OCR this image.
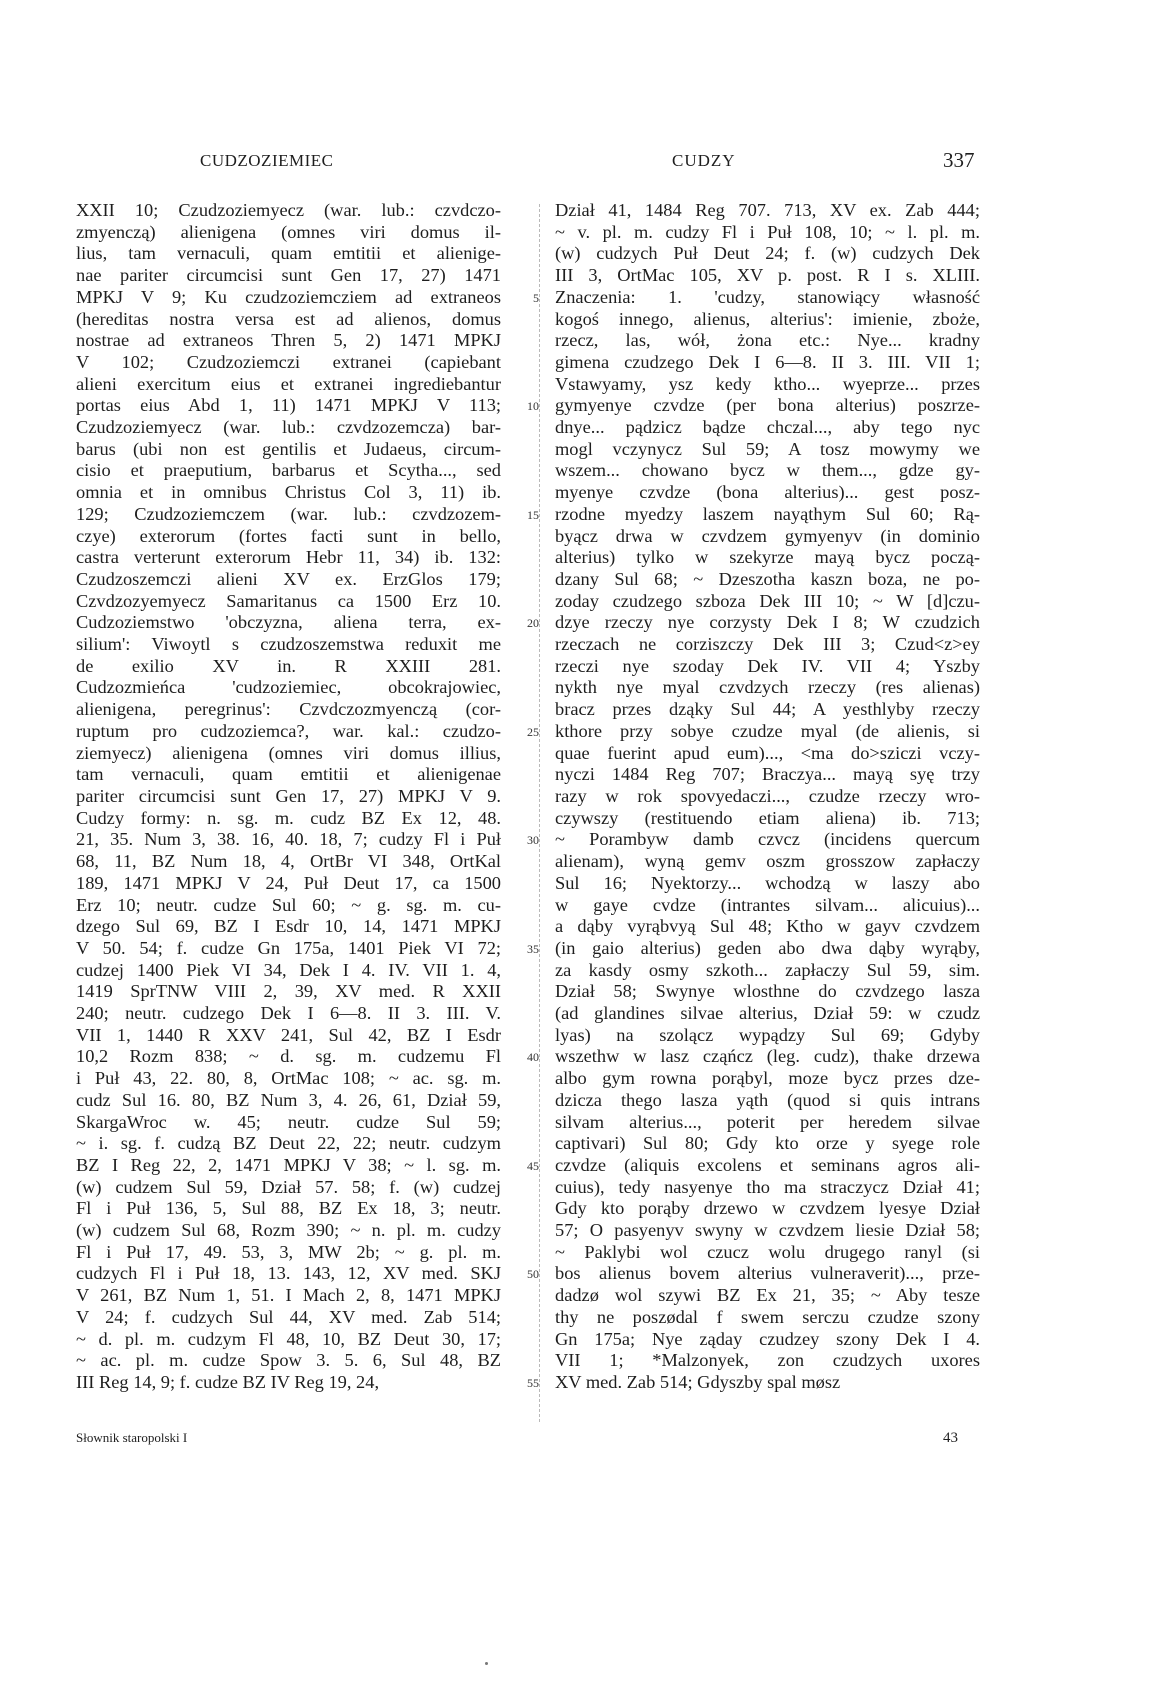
CUDZOZIEMIEC	CUDZY	337
XXII 10; Czudzoziemyecz (war. lub.: czvdczo-
zmyenczą) alienigena (omnes viri domus il-
lius, tam vernaculi, quam emtitii et alienige-
nae pariter circumcisi sunt Gen 17, 27) 1471
MPKJ V 9; Ku czudzoziemcziem ad extraneos
(hereditas nostra versa est ad alienos, domus
nostrae ad extraneos Thren 5, 2) 1471 MPKJ
V 102; Czudzoziemczi extranei (capiebant
alieni exercitum eius et extranei ingrediebantur
portas eius Abd 1, 11) 1471 MPKJ V 113;
Czudzoziemyecz (war. lub.: czvdzozemcza) bar-
barus (ubi non est gentilis et Judaeus, circum-
cisio et praeputium, barbarus et Scytha..., sed
omnia et in omnibus Christus Col 3, 11) ib.
129; Czudzoziemczem (war. lub.: czvdzozem-
czye) exterorum (fortes facti sunt in bello,
castra verterunt exterorum Hebr 11, 34) ib. 132:
Czudzoszemczi alieni XV ex. ErzGlos 179;
Czvdzozyemyecz Samaritanus ca 1500 Erz 10.
Cudzoziemstwo 'obczyzna, aliena terra, ex-
silium': Viwoytl s czudzoszemstwa reduxit me
de exilio XV in. R XXIII 281.
Cudzozmieńca 'cudzoziemiec, obcokrajowiec,
alienigena, peregrinus': Czvdczozmyenczą (cor-
ruptum pro cudzoziemca?, war. kal.: czudzo-
ziemyecz) alienigena (omnes viri domus illius,
tam vernaculi, quam emtitii et alienigenae
pariter circumcisi sunt Gen 17, 27) MPKJ V 9.
Cudzy formy: n. sg. m. cudz BZ Ex 12, 48.
21, 35. Num 3, 38. 16, 40. 18, 7; cudzy Fl i Puł
68, 11, BZ Num 18, 4, OrtBr VI 348, OrtKal
189, 1471 MPKJ V 24, Puł Deut 17, ca 1500
Erz 10; neutr. cudze Sul 60; ~ g. sg. m. cu-
dzego Sul 69, BZ I Esdr 10, 14, 1471 MPKJ
V 50. 54; f. cudze Gn 175a, 1401 Piek VI 72;
cudzej 1400 Piek VI 34, Dek I 4. IV. VII 1. 4,
1419 SprTNW VIII 2, 39, XV med. R XXII
240; neutr. cudzego Dek I 6—8. II 3. III. V.
VII 1, 1440 R XXV 241, Sul 42, BZ I Esdr
10,2 Rozm 838; ~ d. sg. m. cudzemu Fl
i Puł 43, 22. 80, 8, OrtMac 108; ~ ac. sg. m.
cudz Sul 16. 80, BZ Num 3, 4. 26, 61, Dział 59,
SkargaWroc w. 45; neutr. cudze Sul 59;
~ i. sg. f. cudzą BZ Deut 22, 22; neutr. cudzym
BZ I Reg 22, 2, 1471 MPKJ V 38; ~ l. sg. m.
(w) cudzem Sul 59, Dział 57. 58; f. (w) cudzej
Fl i Puł 136, 5, Sul 88, BZ Ex 18, 3; neutr.
(w) cudzem Sul 68, Rozm 390; ~ n. pl. m. cudzy
Fl i Puł 17, 49. 53, 3, MW 2b; ~ g. pl. m.
cudzych Fl i Puł 18, 13. 143, 12, XV med. SKJ
V 261, BZ Num 1, 51. I Mach 2, 8, 1471 MPKJ
V 24; f. cudzych Sul 44, XV med. Zab 514;
~ d. pl. m. cudzym Fl 48, 10, BZ Deut 30, 17;
~ ac. pl. m. cudze Spow 3. 5. 6, Sul 48, BZ
III Reg 14, 9; f. cudze BZ IV Reg 19, 24,
5
10
15
20
25
30
35
40
45
50
55
Dział 41, 1484 Reg 707. 713, XV ex. Zab 444;
~ v. pl. m. cudzy Fl i Puł 108, 10; ~ l. pl. m.
(w) cudzych Puł Deut 24; f. (w) cudzych Dek
III 3, OrtMac 105, XV p. post. R I s. XLIII.
Znaczenia: 1. 'cudzy, stanowiący własność
kogoś innego, alienus, alterius': imienie, zboże,
rzecz, las, wół, żona etc.: Nye... kradny
gimena czudzego Dek I 6—8. II 3. III. VII 1;
Vstawyamy, ysz kedy ktho... wyeprze... przes
gymyenye czvdze (per bona alterius) poszrze-
dnye... pądzicz bądze chczal..., aby tego nyc
mogl vczynycz Sul 59; A tosz mowymy we
wszem... chowano bycz w them..., gdze gy-
myenye czvdze (bona alterius)... gest posz-
rzodne myedzy laszem nayąthym Sul 60; Rą-
byącz drwa w czvdzem gymyenyv (in dominio
alterius) tylko w szekyrze mayą bycz począ-
dzany Sul 68; ~ Dzeszotha kaszn boza, ne po-
zoday czudzego szboza Dek III 10; ~ W [d]czu-
dzye rzeczy nye corzysty Dek I 8; W czudzich
rzeczach ne corziszczy Dek III 3; Czud<z>ey
rzeczi nye szoday Dek IV. VII 4; Yszby
nykth nye myal czvdzych rzeczy (res alienas)
bracz przes dząky Sul 44; A yesthlyby rzeczy
kthore przy sobye czudze myal (de alienis, si
quae fuerint apud eum)..., <ma do>sziczi vczy-
nyczi 1484 Reg 707; Braczya... mayą syę trzy
razy w rok spovyedaczi..., czudze rzeczy wro-
czywszy (restituendo etiam aliena) ib. 713;
~ Porambyw damb czvcz (incidens quercum
alienam), wyną gemv oszm grosszow zapłaczy
Sul 16; Nyektorzy... wchodzą w laszy abo
w gaye cvdze (intrantes silvam... alicuius)...
a dąby vyrąbvyą Sul 48; Ktho w gayv czvdzem
(in gaio alterius) geden abo dwa dąby wyrąby,
za kasdy osmy szkoth... zapłaczy Sul 59, sim.
Dział 58; Swynye wlosthne do czvdzego lasza
(ad glandines silvae alterius, Dział 59: w czudz
lyas) na szolącz wypądzy Sul 69; Gdyby
wszethw w lasz cząńcz (leg. cudz), thake drzewa
albo gym rowna porąbyl, moze bycz przes dze-
dzicza thego lasza yąth (quod si quis intrans
silvam alterius..., poterit per heredem silvae
captivari) Sul 80; Gdy kto orze y syege role
czvdze (aliquis excolens et seminans agros ali-
cuius), tedy nasyenye tho ma straczycz Dział 41;
Gdy kto porąby drzewo w czvdzem lyesye Dział
57; O pasyenyv swyny w czvdzem liesie Dział 58;
~ Paklybi wol czucz wolu drugego ranyl (si
bos alienus bovem alterius vulneraverit)..., prze-
dadzø wol szywi BZ Ex 21, 35; ~ Aby tesze
thy ne poszødal f swem serczu czudze szony
Gn 175a; Nye ząday czudzey szony Dek I 4.
VII 1; *Malzonyek, zon czudzych uxores
XV med. Zab 514; Gdyszby spal møsz
Słownik staropolski I	43
